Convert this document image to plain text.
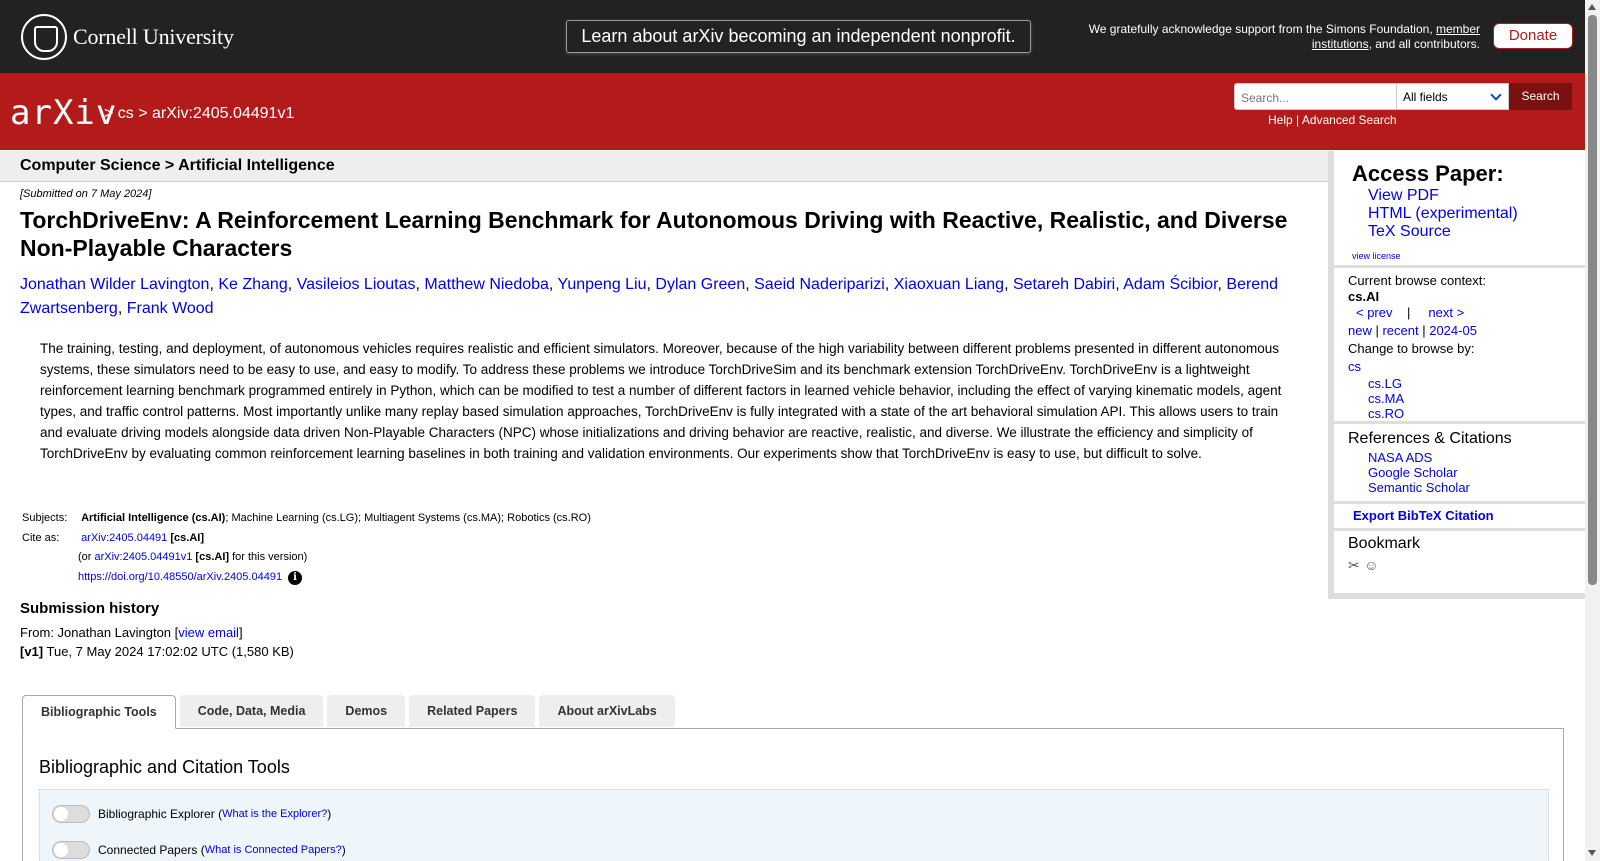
Cornell University	Learn about arXiv becoming an independent nonprofit.	We gratefully acknowledge support from the Simons Foundation, member institutions, and all contributors.	Donate
arXiv
> cs > arXiv:2405.04491v1
Search...	All fields	Search
Help | Advanced Search
Computer Science > Artificial Intelligence
[Submitted on 7 May 2024]
TorchDriveEnv: A Reinforcement Learning Benchmark for Autonomous Driving with Reactive, Realistic, and Diverse Non-Playable Characters
Jonathan Wilder Lavington, Ke Zhang, Vasileios Lioutas, Matthew Niedoba, Yunpeng Liu, Dylan Green, Saeid Naderiparizi, Xiaoxuan Liang, Setareh Dabiri, Adam Ścibior, Berend Zwartsenberg, Frank Wood
The training, testing, and deployment, of autonomous vehicles requires realistic and efficient simulators. Moreover, because of the high variability between different problems presented in different autonomous systems, these simulators need to be easy to use, and easy to modify. To address these problems we introduce TorchDriveSim and its benchmark extension TorchDriveEnv. TorchDriveEnv is a lightweight reinforcement learning benchmark programmed entirely in Python, which can be modified to test a number of different factors in learned vehicle behavior, including the effect of varying kinematic models, agent types, and traffic control patterns. Most importantly unlike many replay based simulation approaches, TorchDriveEnv is fully integrated with a state of the art behavioral simulation API. This allows users to train and evaluate driving models alongside data driven Non-Playable Characters (NPC) whose initializations and driving behavior are reactive, realistic, and diverse. We illustrate the efficiency and simplicity of TorchDriveEnv by evaluating common reinforcement learning baselines in both training and validation environments. Our experiments show that TorchDriveEnv is easy to use, but difficult to solve.
Subjects: Artificial Intelligence (cs.AI); Machine Learning (cs.LG); Multiagent Systems (cs.MA); Robotics (cs.RO)
Cite as: arXiv:2405.04491 [cs.AI]
(or arXiv:2405.04491v1 [cs.AI] for this version)
https://doi.org/10.48550/arXiv.2405.04491 i
Submission history
From: Jonathan Lavington [view email]
[v1] Tue, 7 May 2024 17:02:02 UTC (1,580 KB)
Bibliographic Tools	Code, Data, Media	Demos	Related Papers	About arXivLabs
Bibliographic and Citation Tools
Bibliographic Explorer ( What is the Explorer? )
Connected Papers ( What is Connected Papers? )
Access Paper:
View PDF
HTML (experimental)
TeX Source
view license
Current browse context:
cs.AI
< prev | next >
new | recent | 2024-05
Change to browse by:
cs
cs.LG
cs.MA
cs.RO
References & Citations
NASA ADS
Google Scholar
Semantic Scholar
Export BibTeX Citation
Bookmark
✂ ☺
